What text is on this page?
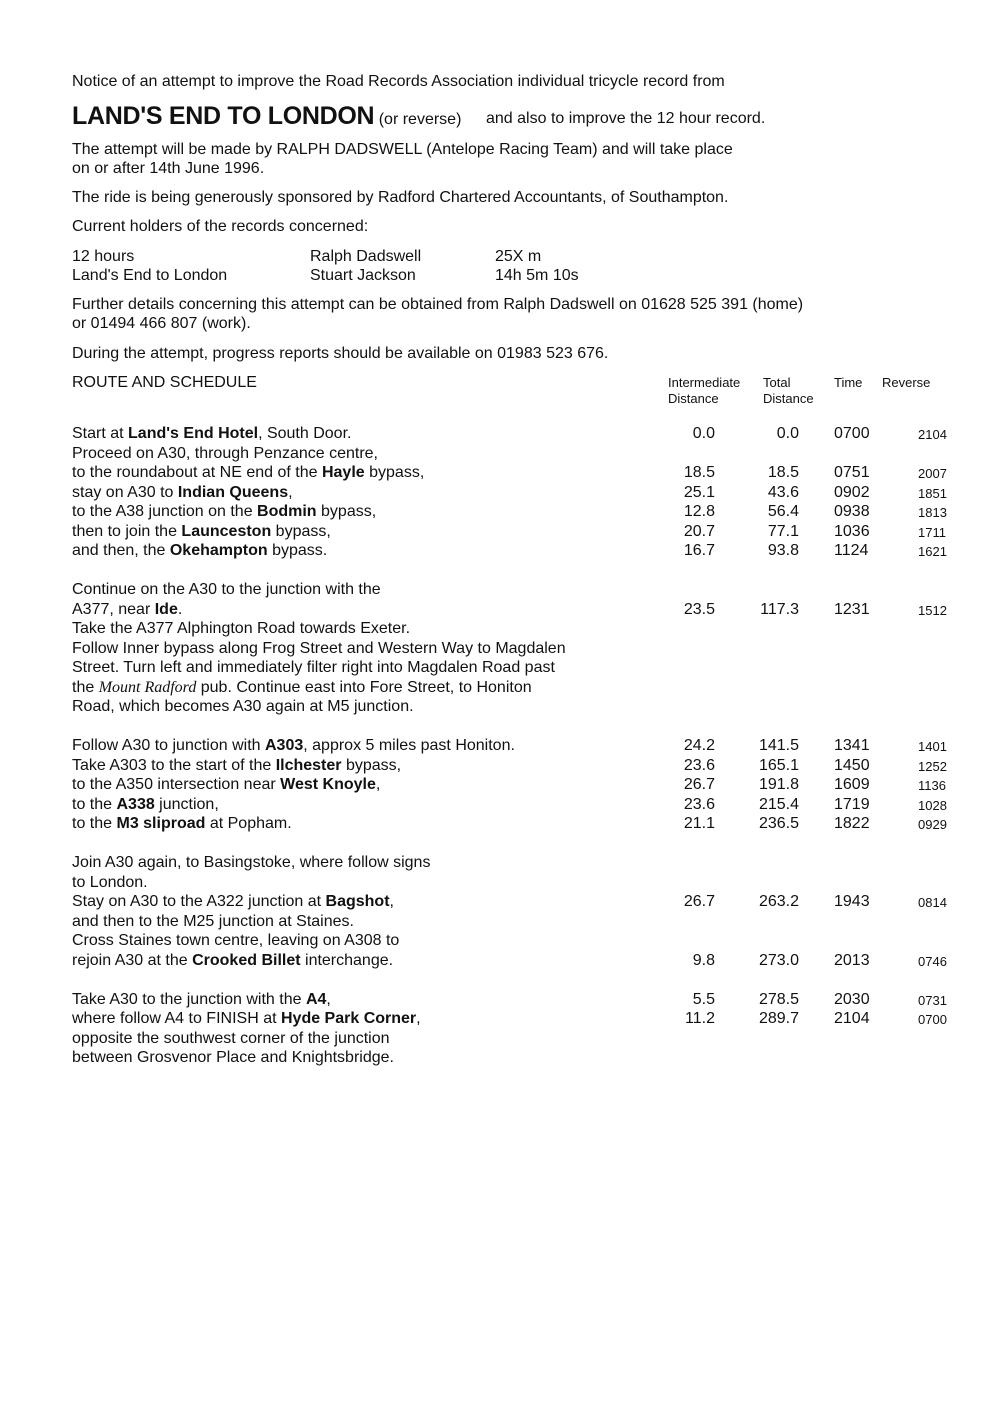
Notice of an attempt to improve the Road Records Association individual tricycle record from
LAND'S END TO LONDON (or reverse) and also to improve the 12 hour record.
The attempt will be made by RALPH DADSWELL (Antelope Racing Team) and will take place
on or after 14th June 1996.
The ride is being generously sponsored by Radford Chartered Accountants, of Southampton.
Current holders of the records concerned:
12 hours	Ralph Dadswell	25X m
Land's End to London	Stuart Jackson	14h 5m 10s
Further details concerning this attempt can be obtained from Ralph Dadswell on 01628 525 391 (home)
or 01494 466 807 (work).
During the attempt, progress reports should be available on 01983 523 676.
ROUTE AND SCHEDULE	Intermediate
Distance
Total
Distance
Time Reverse
Start at Land's End Hotel, South Door.	0.0	0.0 0700	2104
Proceed on A30, through Penzance centre,
to the roundabout at NE end of the Hayle bypass,	18.5	18.5 0751	2007
stay on A30 to Indian Queens,	25.1	43.6 0902	1851
to the A38 junction on the Bodmin bypass,	12.8	56.4 0938	1813
then to join the Launceston bypass,	20.7	77.1 1036	1711
and then, the Okehampton bypass.	16.7	93.8 1124	1621
Continue on the A30 to the junction with the
A377, near Ide.	23.5	117.3 1231	1512
Take the A377 Alphington Road towards Exeter.
Follow Inner bypass along Frog Street and Western Way to Magdalen
Street. Turn left and immediately filter right into Magdalen Road past
the Mount Radford pub. Continue east into Fore Street, to Honiton
Road, which becomes A30 again at M5 junction.
Follow A30 to junction with A303, approx 5 miles past Honiton.	24.2	141.5 1341	1401
Take A303 to the start of the Ilchester bypass,	23.6	165.1 1450	1252
to the A350 intersection near West Knoyle,	26.7	191.8 1609	1136
to the A338 junction,	23.6	215.4 1719	1028
to the M3 sliproad at Popham.	21.1	236.5 1822	0929
Join A30 again, to Basingstoke, where follow signs
to London.
Stay on A30 to the A322 junction at Bagshot,	26.7	263.2 1943	0814
and then to the M25 junction at Staines.
Cross Staines town centre, leaving on A308 to
rejoin A30 at the Crooked Billet interchange.	9.8	273.0 2013	0746
Take A30 to the junction with the A4,	5.5	278.5 2030	0731
where follow A4 to FINISH at Hyde Park Corner,	11.2	289.7 2104	0700
opposite the southwest corner of the junction
between Grosvenor Place and Knightsbridge.
